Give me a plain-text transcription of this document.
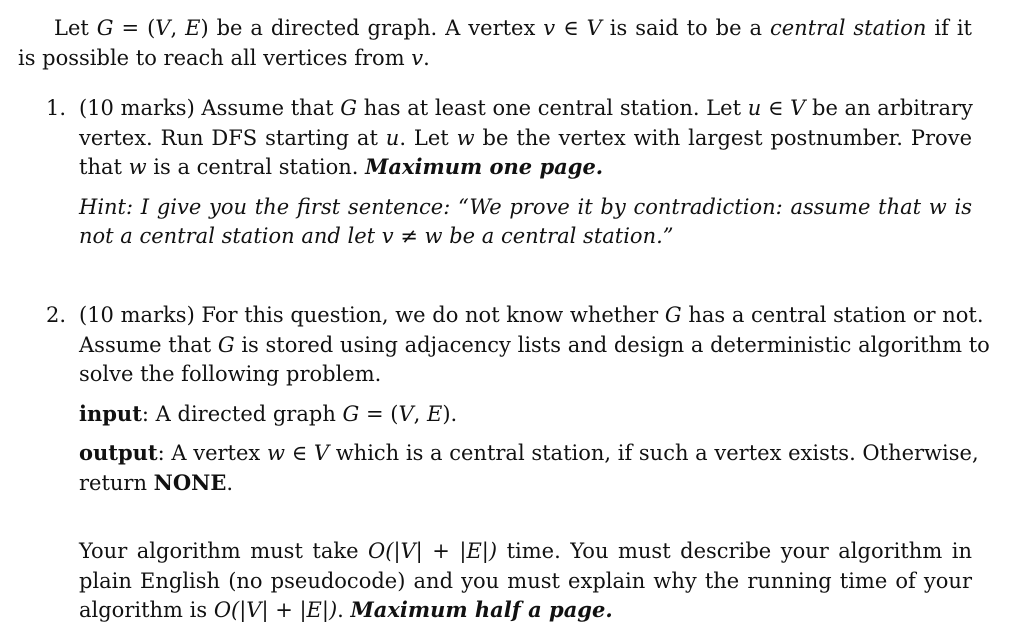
Let G = (V, E) be a directed graph. A vertex v ∈ V is said to be a central station if it
is possible to reach all vertices from v.
1. (10 marks) Assume that G has at least one central station. Let u ∈ V be an arbitrary
vertex. Run DFS starting at u. Let w be the vertex with largest postnumber. Prove
that w is a central station. Maximum one page.
Hint: I give you the first sentence: “We prove it by contradiction: assume that w is
not a central station and let v ≠ w be a central station.”
2. (10 marks) For this question, we do not know whether G has a central station or not.
Assume that G is stored using adjacency lists and design a deterministic algorithm to
solve the following problem.
input: A directed graph G = (V, E).
output: A vertex w ∈ V which is a central station, if such a vertex exists. Otherwise,
return NONE.
Your algorithm must take O(|V| + |E|) time. You must describe your algorithm in
plain English (no pseudocode) and you must explain why the running time of your
algorithm is O(|V| + |E|). Maximum half a page.
